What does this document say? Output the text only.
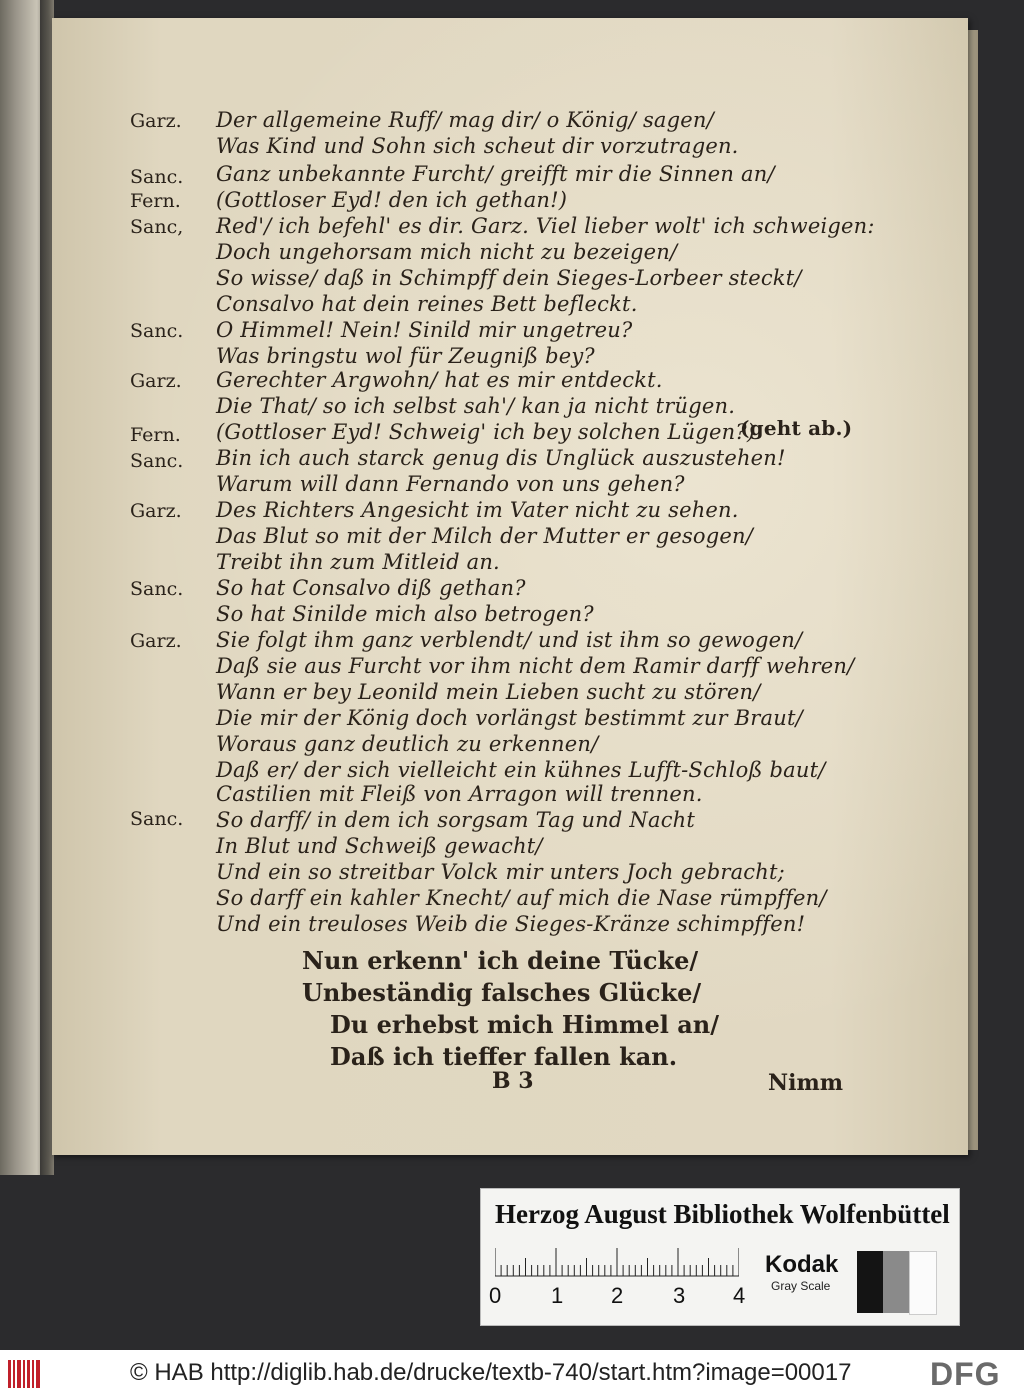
Garz.
Sanc.
Fern.
Sanc,
Sanc.
Garz.
Fern.
Sanc.
Garz.
Sanc.
Garz.
Sanc.
Der allgemeine Ruff/ mag dir/ o König/ sagen/
Was Kind und Sohn sich scheut dir vorzutragen.
Ganz unbekannte Furcht/ greifft mir die Sinnen an/
(Gottloser Eyd! den ich gethan!)
Red'/ ich befehl' es dir. Garz. Viel lieber wolt' ich schweigen:
Doch ungehorsam mich nicht zu bezeigen/
So wisse/ daß in Schimpff dein Sieges-Lorbeer steckt/
Consalvo hat dein reines Bett befleckt.
O Himmel! Nein! Sinild mir ungetreu?
Was bringstu wol für Zeugniß bey?
Gerechter Argwohn/ hat es mir entdeckt.
Die That/ so ich selbst sah'/ kan ja nicht trügen.
(Gottloser Eyd! Schweig' ich bey solchen Lügen?)
Bin ich auch starck genug dis Unglück auszustehen!
Warum will dann Fernando von uns gehen?
Des Richters Angesicht im Vater nicht zu sehen.
Das Blut so mit der Milch der Mutter er gesogen/
Treibt ihn zum Mitleid an.
So hat Consalvo diß gethan?
So hat Sinilde mich also betrogen?
Sie folgt ihm ganz verblendt/ und ist ihm so gewogen/
Daß sie aus Furcht vor ihm nicht dem Ramir darff wehren/
Wann er bey Leonild mein Lieben sucht zu stören/
Die mir der König doch vorlängst bestimmt zur Braut/
Woraus ganz deutlich zu erkennen/
Daß er/ der sich vielleicht ein kühnes Lufft-Schloß baut/
Castilien mit Fleiß von Arragon will trennen.
So darff/ in dem ich sorgsam Tag und Nacht
In Blut und Schweiß gewacht/
Und ein so streitbar Volck mir unters Joch gebracht;
So darff ein kahler Knecht/ auf mich die Nase rümpffen/
Und ein treuloses Weib die Sieges-Kränze schimpffen!
(geht ab.)
Nun erkenn' ich deine Tücke/
Unbeständig falsches Glücke/
Du erhebst mich Himmel an/
Daß ich tieffer fallen kan.
B 3	Nimm
Herzog August Bibliothek Wolfenbüttel
0 1 2 3 4
Kodak
Gray Scale
© HAB http://diglib.hab.de/drucke/textb-740/start.htm?image=00017 DFG
